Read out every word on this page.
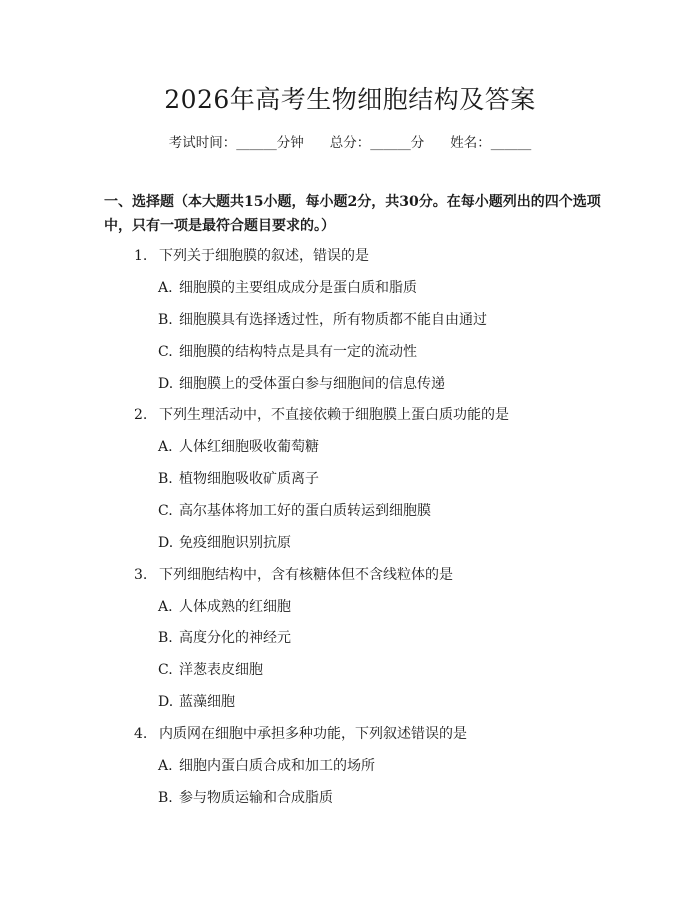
2026年高考生物细胞结构及答案
考试时间：______分钟 总分：______分 姓名：______
一、选择题（本大题共15小题，每小题2分，共30分。在每小题列出的四个选项中，只有一项是最符合题目要求的。）
1. 下列关于细胞膜的叙述，错误的是
A. 细胞膜的主要组成成分是蛋白质和脂质
B. 细胞膜具有选择透过性，所有物质都不能自由通过
C. 细胞膜的结构特点是具有一定的流动性
D. 细胞膜上的受体蛋白参与细胞间的信息传递
2. 下列生理活动中，不直接依赖于细胞膜上蛋白质功能的是
A. 人体红细胞吸收葡萄糖
B. 植物细胞吸收矿质离子
C. 高尔基体将加工好的蛋白质转运到细胞膜
D. 免疫细胞识别抗原
3. 下列细胞结构中，含有核糖体但不含线粒体的是
A. 人体成熟的红细胞
B. 高度分化的神经元
C. 洋葱表皮细胞
D. 蓝藻细胞
4. 内质网在细胞中承担多种功能，下列叙述错误的是
A. 细胞内蛋白质合成和加工的场所
B. 参与物质运输和合成脂质
